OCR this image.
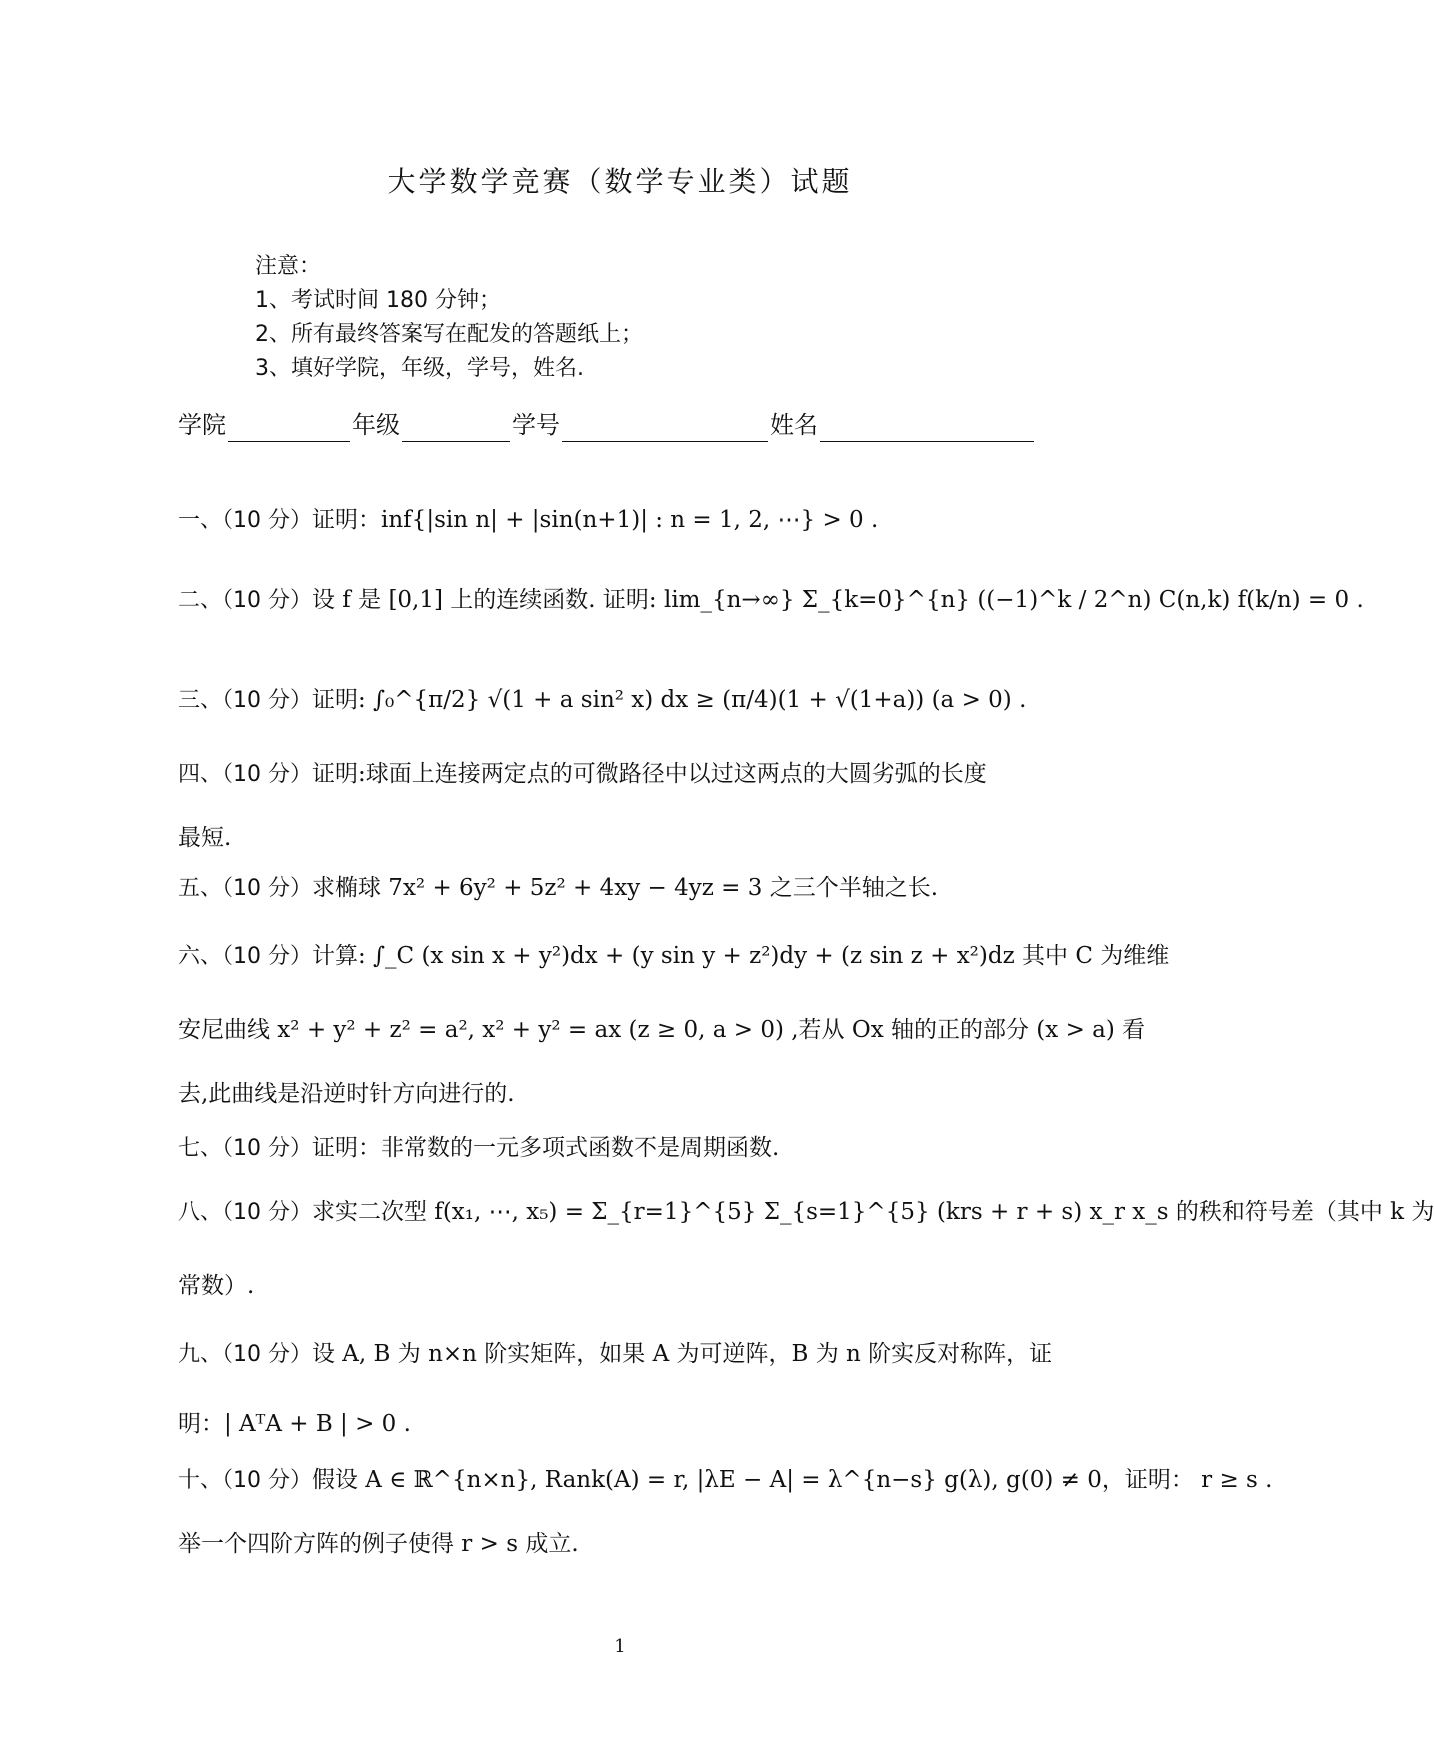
大学数学竞赛（数学专业类）试题
注意：
1、考试时间 180 分钟；
2、所有最终答案写在配发的答题纸上；
3、填好学院，年级，学号，姓名.
学院	年级	学号	姓名
一、（10 分）证明：inf{|sin n| + |sin(n+1)| : n = 1, 2, ⋯} > 0 .
二、（10 分）设 f 是 [0,1] 上的连续函数. 证明: lim_{n→∞} Σ_{k=0}^{n} ((−1)^k / 2^n) C(n,k) f(k/n) = 0 .
三、（10 分）证明: ∫₀^{π/2} √(1 + a sin² x) dx ≥ (π/4)(1 + √(1+a)) (a > 0) .
四、（10 分）证明:球面上连接两定点的可微路径中以过这两点的大圆劣弧的长度
最短.
五、（10 分）求椭球 7x² + 6y² + 5z² + 4xy − 4yz = 3 之三个半轴之长.
六、（10 分）计算: ∫_C (x sin x + y²)dx + (y sin y + z²)dy + (z sin z + x²)dz 其中 C 为维维
安尼曲线 x² + y² + z² = a², x² + y² = ax (z ≥ 0, a > 0) ,若从 Ox 轴的正的部分 (x > a) 看
去,此曲线是沿逆时针方向进行的.
七、（10 分）证明：非常数的一元多项式函数不是周期函数.
八、（10 分）求实二次型 f(x₁, ⋯, x₅) = Σ_{r=1}^{5} Σ_{s=1}^{5} (krs + r + s) x_r x_s 的秩和符号差（其中 k 为
常数）.
九、（10 分）设 A, B 为 n×n 阶实矩阵，如果 A 为可逆阵，B 为 n 阶实反对称阵，证
明：| AᵀA + B | > 0 .
十、（10 分）假设 A ∈ ℝ^{n×n}, Rank(A) = r, |λE − A| = λ^{n−s} g(λ), g(0) ≠ 0，证明： r ≥ s .
举一个四阶方阵的例子使得 r > s 成立.
1
